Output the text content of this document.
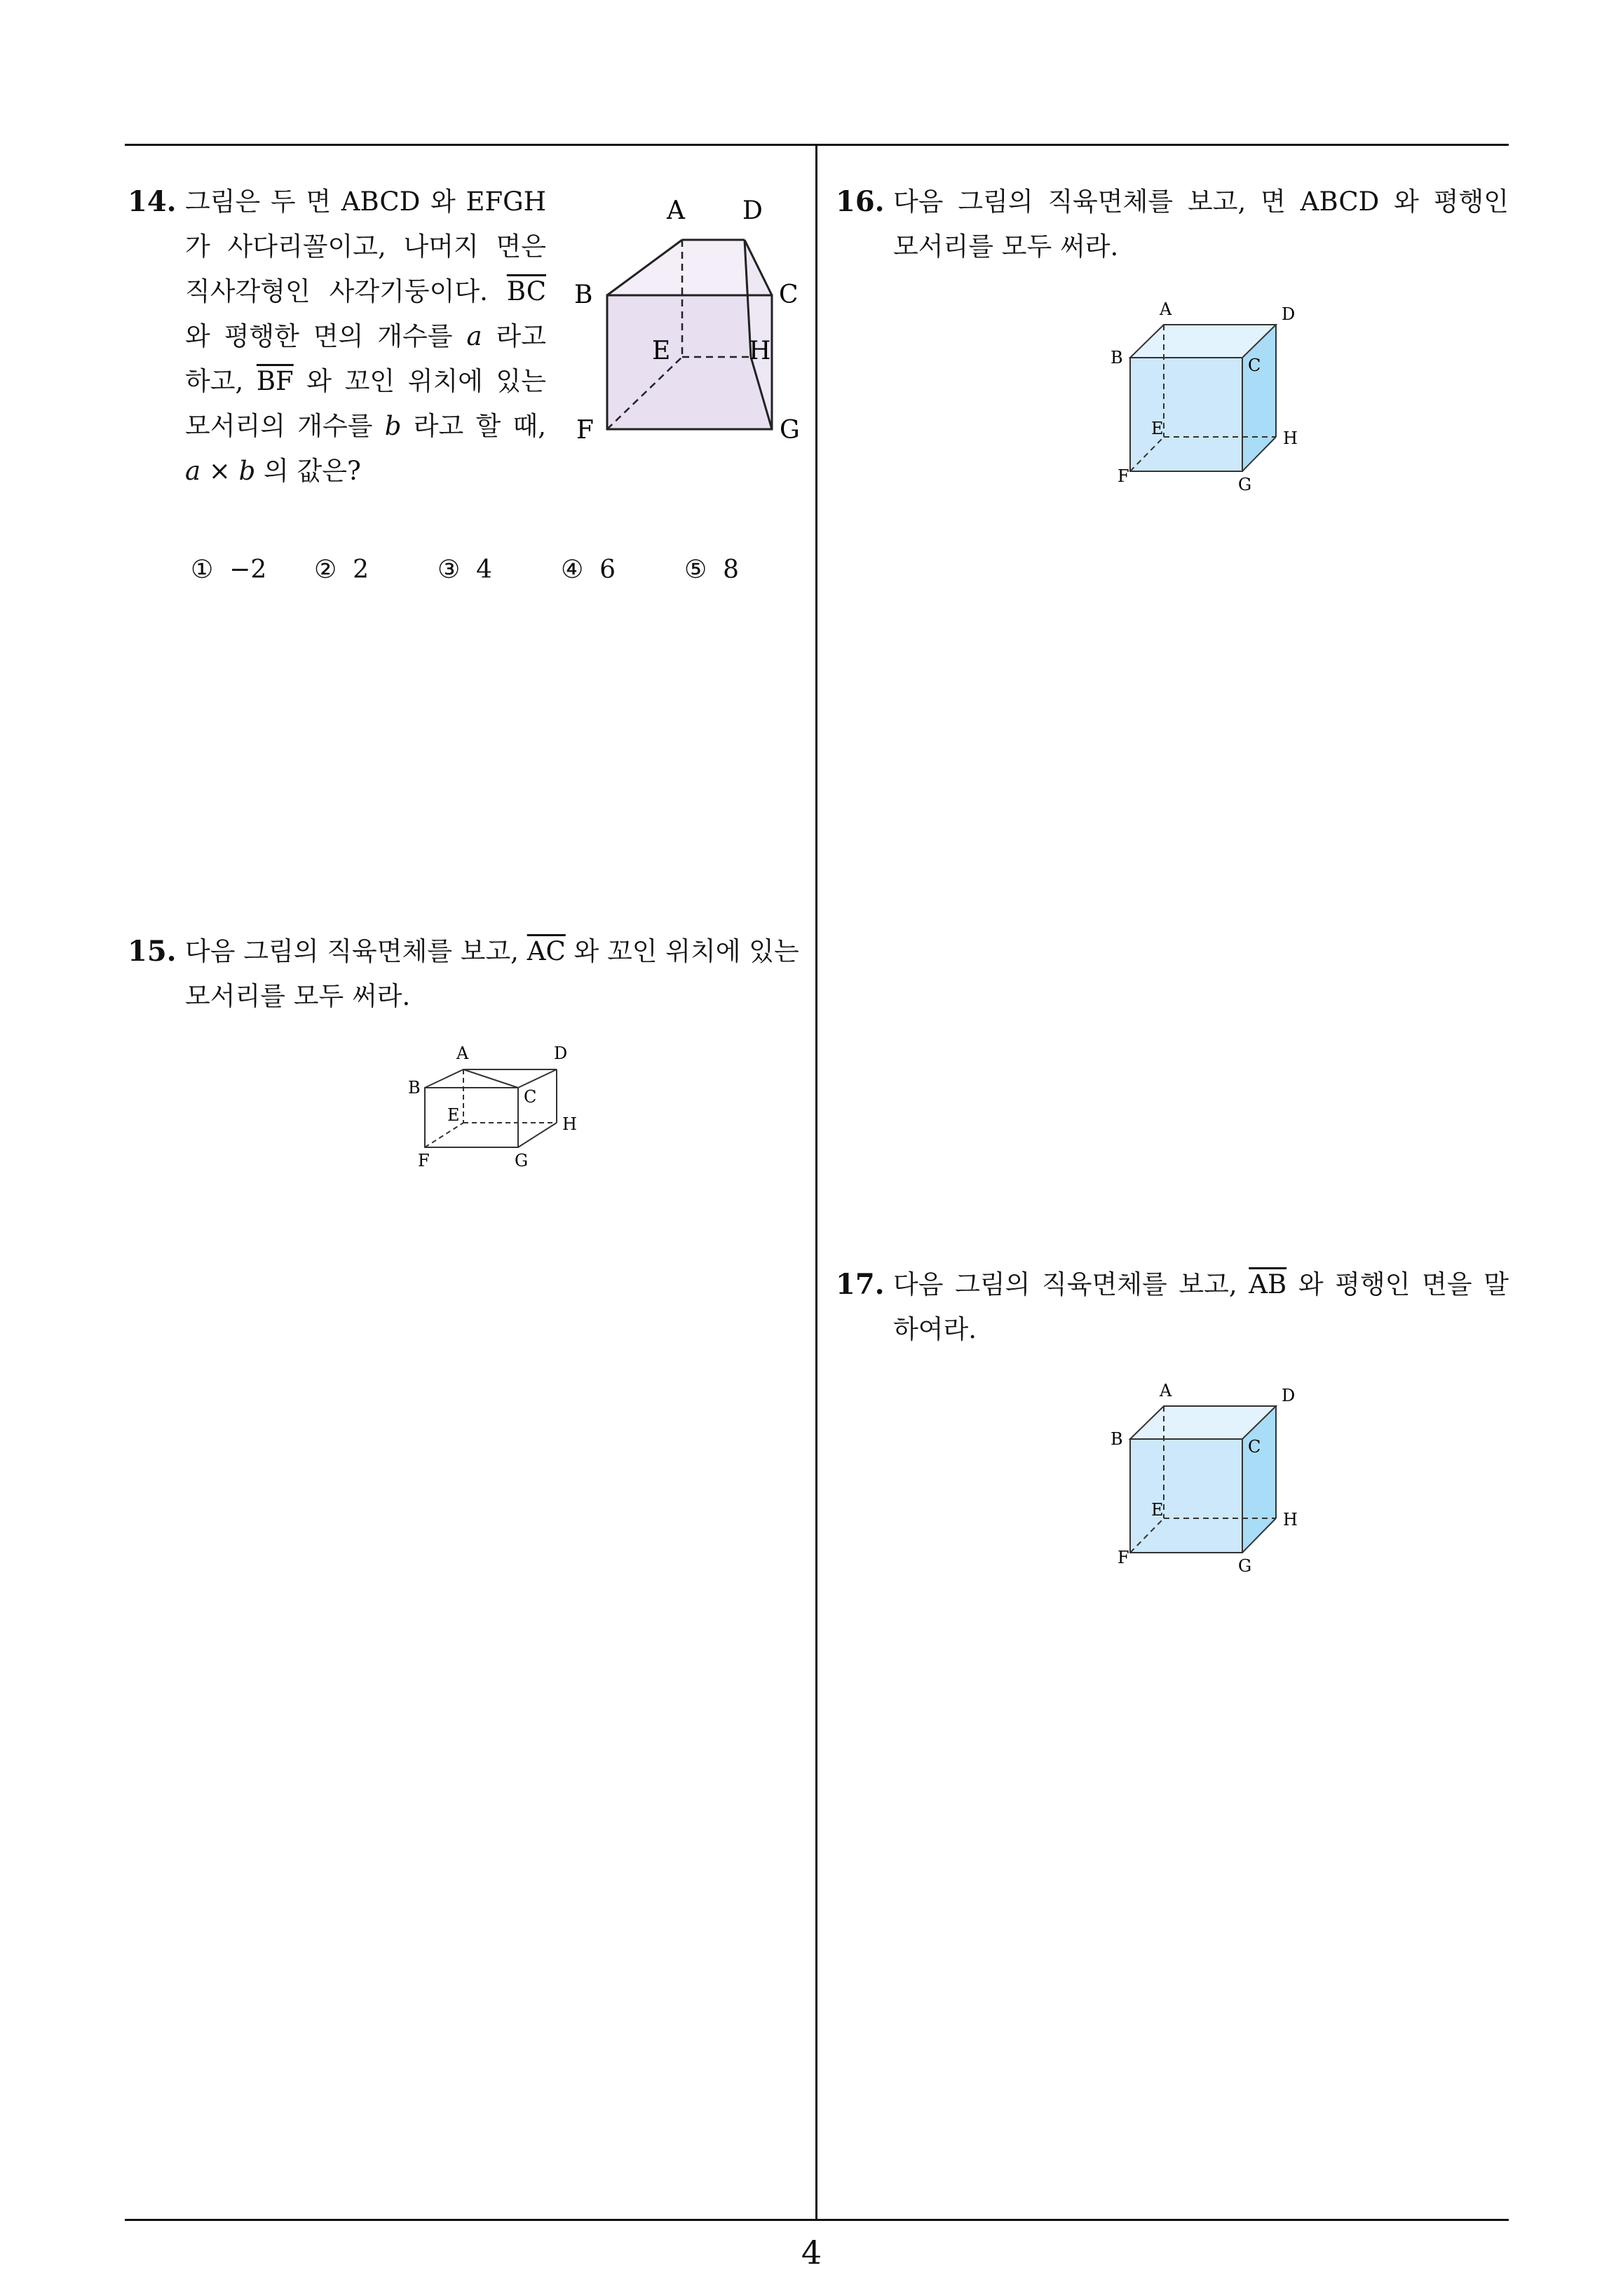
14. 그림은 두 면 ABCD 와 EFGH
가 사다리꼴이고, 나머지 면은
직사각형인 사각기둥이다. $\overline{BC}$
와 평행한 면의 개수를 a 라고
하고, $\overline{BF}$ 와 꼬인 위치에 있는
모서리의 개수를 b 라고 할 때,
a × b 의 값은?
A D
B	C
E	H
F	G
① −2 ② 2	③ 4	④ 6	⑤ 8
15. 다음 그림의 직육면체를 보고, $\overline{AC}$ 와 꼬인 위치에 있는
모서리를 모두 써라.
A	D
B	C
E	H
F	G
16. 다음 그림의 직육면체를 보고, 면 ABCD 와 평행인
모서리를 모두 써라.
A	D
B	C
E	H
F	G
17. 다음 그림의 직육면체를 보고, $\overline{AB}$ 와 평행인 면을 말
하여라.
A	D
B	C
E	H
F	G
4
